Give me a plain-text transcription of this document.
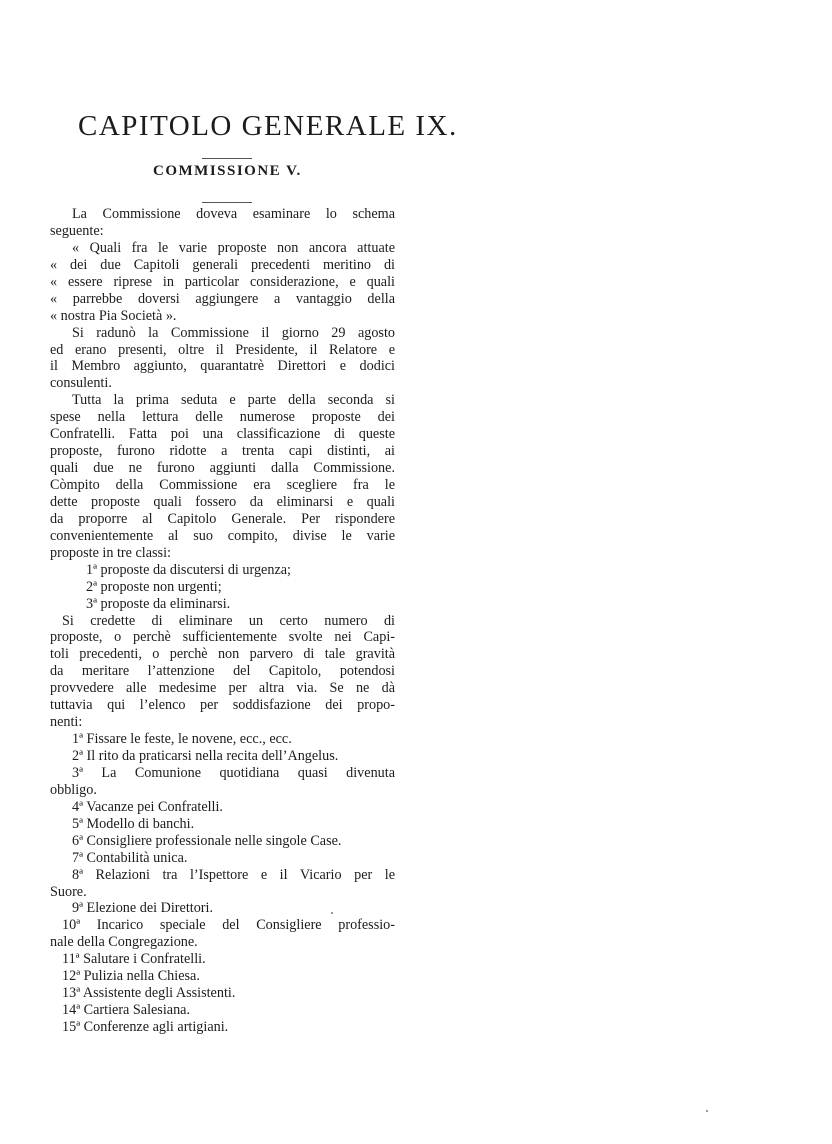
CAPITOLO GENERALE IX.
COMMISSIONE V.
La Commissione doveva esaminare lo schema
seguente:
« Quali fra le varie proposte non ancora attuate
« dei due Capitoli generali precedenti meritino di
« essere riprese in particolar considerazione, e quali
« parrebbe doversi aggiungere a vantaggio della
« nostra Pia Società ».
Si radunò la Commissione il giorno 29 agosto
ed erano presenti, oltre il Presidente, il Relatore e
il Membro aggiunto, quarantatrè Direttori e dodici
consulenti.
Tutta la prima seduta e parte della seconda si
spese nella lettura delle numerose proposte dei
Confratelli. Fatta poi una classificazione di queste
proposte, furono ridotte a trenta capi distinti, ai
quali due ne furono aggiunti dalla Commissione.
Còmpito della Commissione era scegliere fra le
dette proposte quali fossero da eliminarsi e quali
da proporre al Capitolo Generale. Per rispondere
convenientemente al suo compito, divise le varie
proposte in tre classi:
1ª proposte da discutersi di urgenza;
2ª proposte non urgenti;
3ª proposte da eliminarsi.
Si credette di eliminare un certo numero di
proposte, o perchè sufficientemente svolte nei Capi-
toli precedenti, o perchè non parvero di tale gravità
da meritare l’attenzione del Capitolo, potendosi
provvedere alle medesime per altra via. Se ne dà
tuttavia qui l’elenco per soddisfazione dei propo-
nenti:
1ª Fissare le feste, le novene, ecc., ecc.
2ª Il rito da praticarsi nella recita dell’Angelus.
3ª La Comunione quotidiana quasi divenuta
obbligo.
4ª Vacanze pei Confratelli.
5ª Modello di banchi.
6ª Consigliere professionale nelle singole Case.
7ª Contabilità unica.
8ª Relazioni tra l’Ispettore e il Vicario per le
Suore.
9ª Elezione dei Direttori.
10ª Incarico speciale del Consigliere professio-
nale della Congregazione.
11ª Salutare i Confratelli.
12ª Pulizia nella Chiesa.
13ª Assistente degli Assistenti.
14ª Cartiera Salesiana.
15ª Conferenze agli artigiani.
